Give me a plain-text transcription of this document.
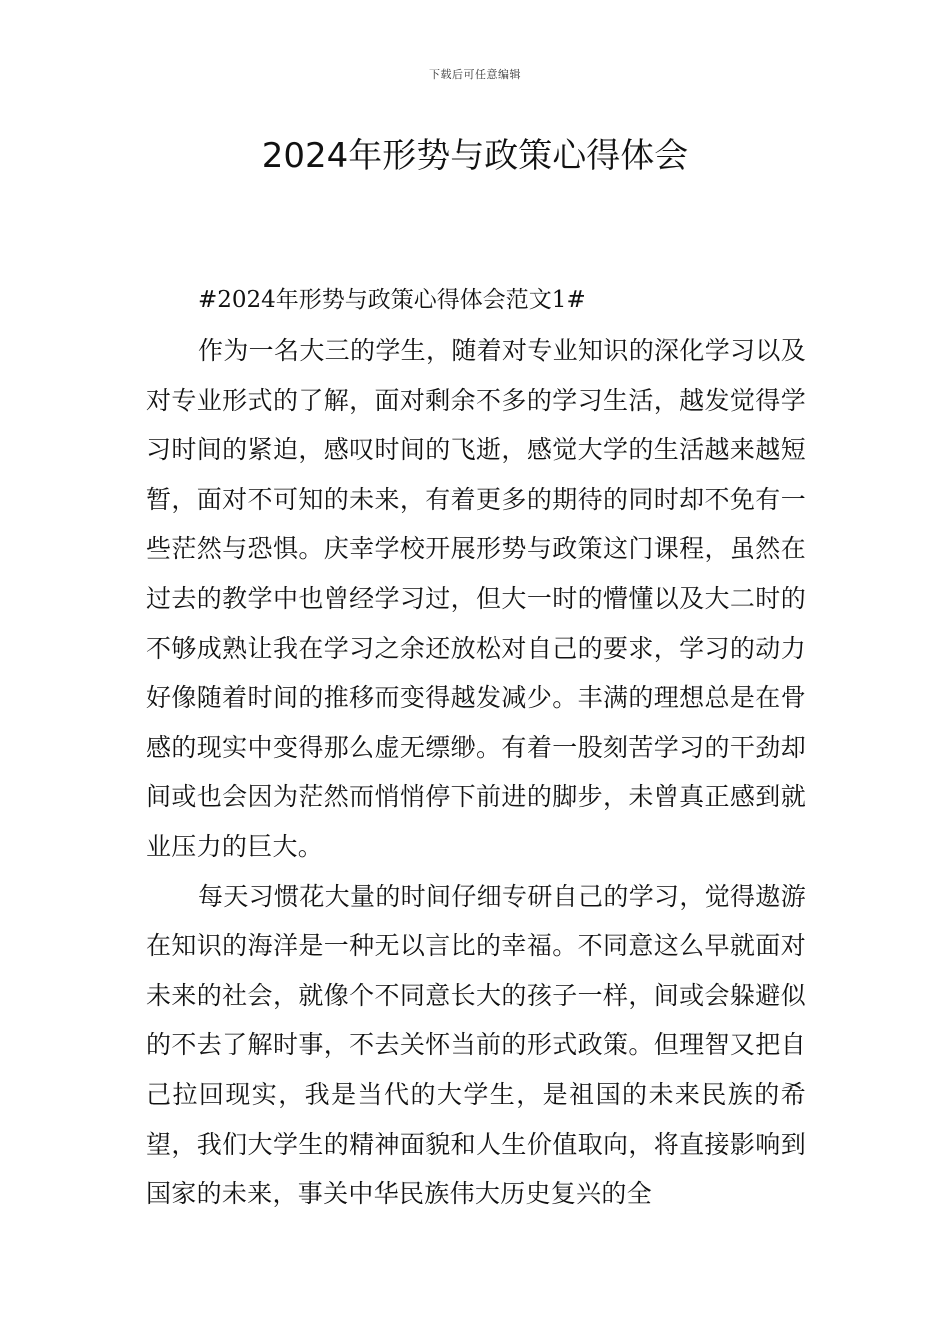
下载后可任意编辑
2024年形势与政策心得体会

#2024年形势与政策心得体会范文1#

作为一名大三的学生，随着对专业知识的深化学习以及对专业形式的了解，面对剩余不多的学习生活，越发觉得学习时间的紧迫，感叹时间的飞逝，感觉大学的生活越来越短暂，面对不可知的未来，有着更多的期待的同时却不免有一些茫然与恐惧。庆幸学校开展形势与政策这门课程，虽然在过去的教学中也曾经学习过，但大一时的懵懂以及大二时的不够成熟让我在学习之余还放松对自己的要求，学习的动力好像随着时间的推移而变得越发减少。丰满的理想总是在骨感的现实中变得那么虚无缥缈。有着一股刻苦学习的干劲却间或也会因为茫然而悄悄停下前进的脚步，未曾真正感到就业压力的巨大。

每天习惯花大量的时间仔细专研自己的学习，觉得遨游在知识的海洋是一种无以言比的幸福。不同意这么早就面对未来的社会，就像个不同意长大的孩子一样，间或会躲避似的不去了解时事，不去关怀当前的形式政策。但理智又把自己拉回现实，我是当代的大学生，是祖国的未来民族的希望，我们大学生的精神面貌和人生价值取向，将直接影响到国家的未来，事关中华民族伟大历史复兴的全
